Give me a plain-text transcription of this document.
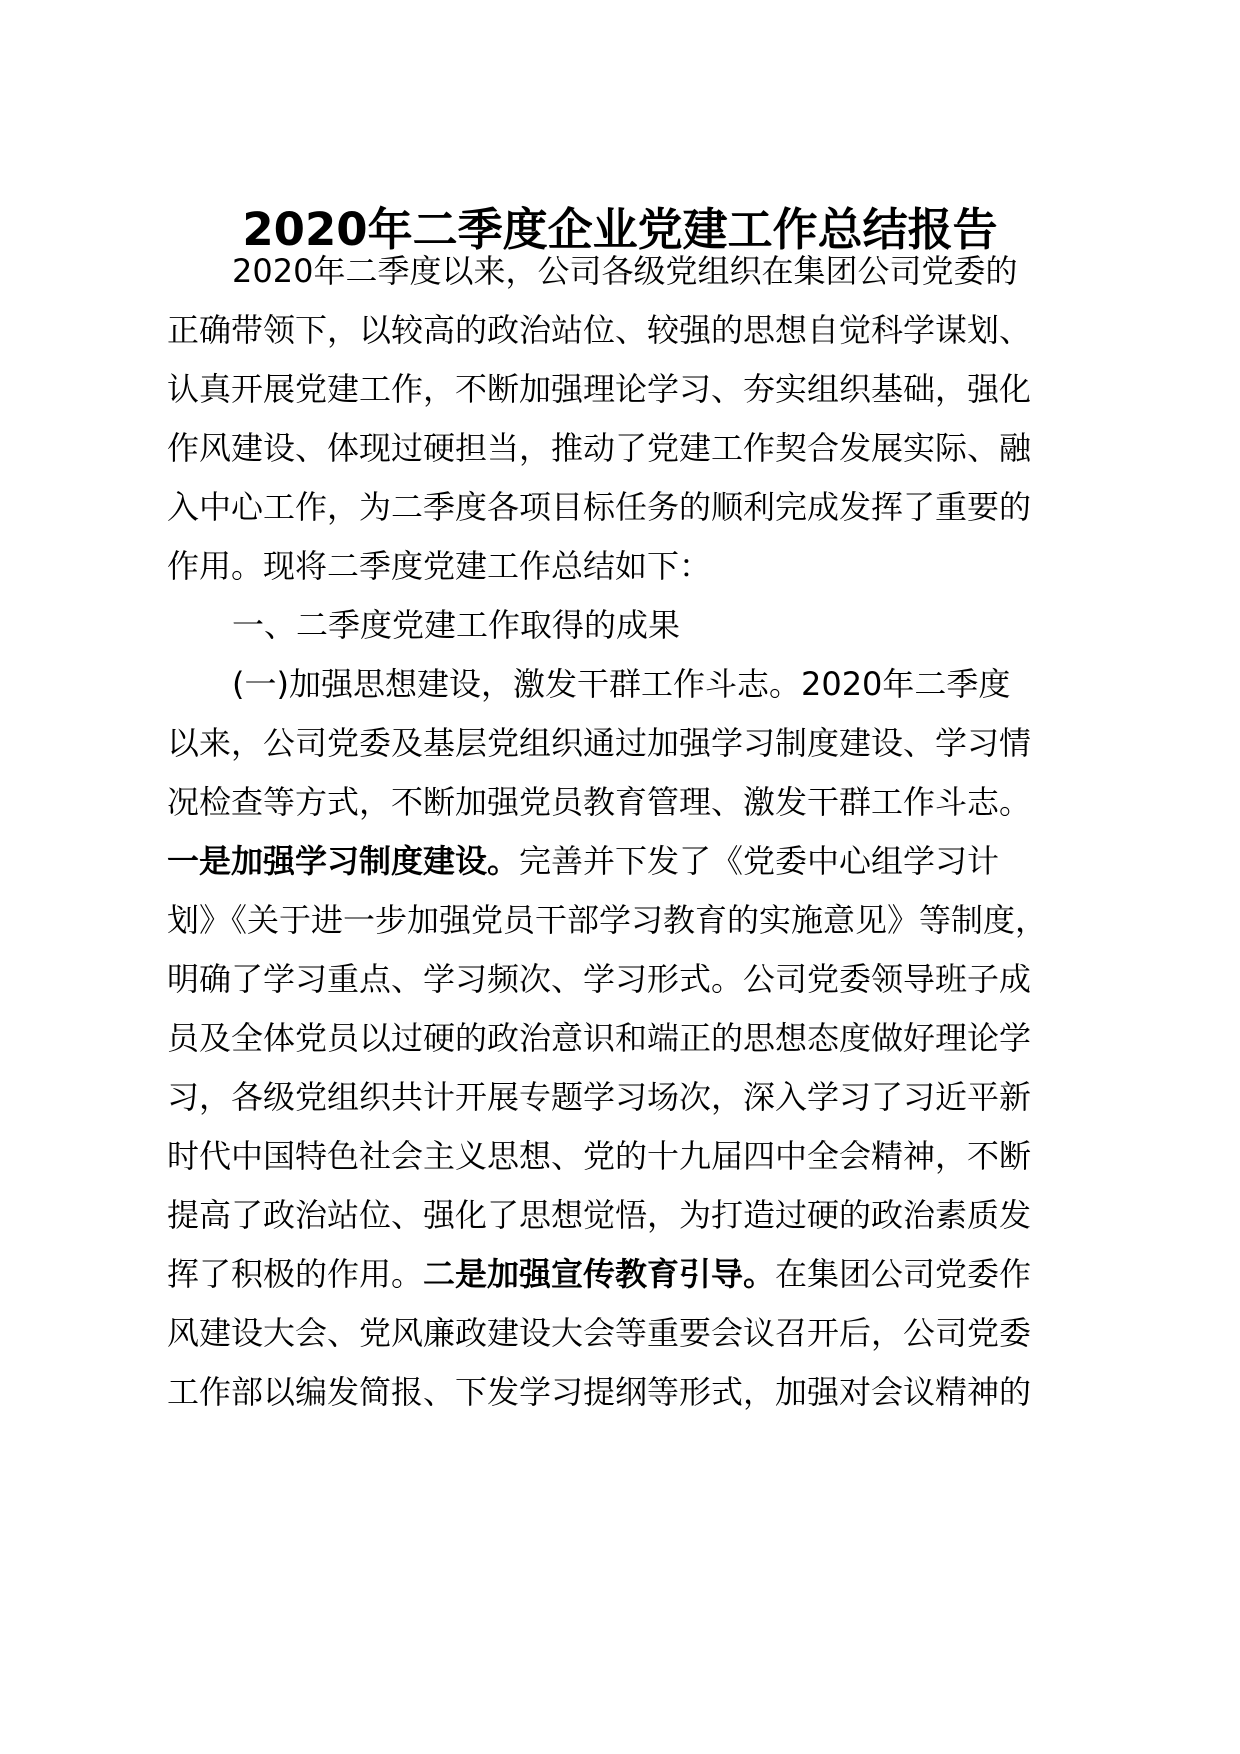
2020年二季度企业党建工作总结报告

2020年二季度以来，公司各级党组织在集团公司党委的

正确带领下，以较高的政治站位、较强的思想自觉科学谋划、

认真开展党建工作，不断加强理论学习、夯实组织基础，强化

作风建设、体现过硬担当，推动了党建工作契合发展实际、融

入中心工作，为二季度各项目标任务的顺利完成发挥了重要的

作用。现将二季度党建工作总结如下：

一、二季度党建工作取得的成果

(一)加强思想建设，激发干群工作斗志。2020年二季度

以来，公司党委及基层党组织通过加强学习制度建设、学习情

况检查等方式，不断加强党员教育管理、激发干群工作斗志。

一是加强学习制度建设。完善并下发了《党委中心组学习计

划》《关于进一步加强党员干部学习教育的实施意见》等制度，

明确了学习重点、学习频次、学习形式。公司党委领导班子成

员及全体党员以过硬的政治意识和端正的思想态度做好理论学

习，各级党组织共计开展专题学习场次，深入学习了习近平新

时代中国特色社会主义思想、党的十九届四中全会精神，不断

提高了政治站位、强化了思想觉悟，为打造过硬的政治素质发

挥了积极的作用。二是加强宣传教育引导。在集团公司党委作

风建设大会、党风廉政建设大会等重要会议召开后，公司党委

工作部以编发简报、下发学习提纲等形式，加强对会议精神的
